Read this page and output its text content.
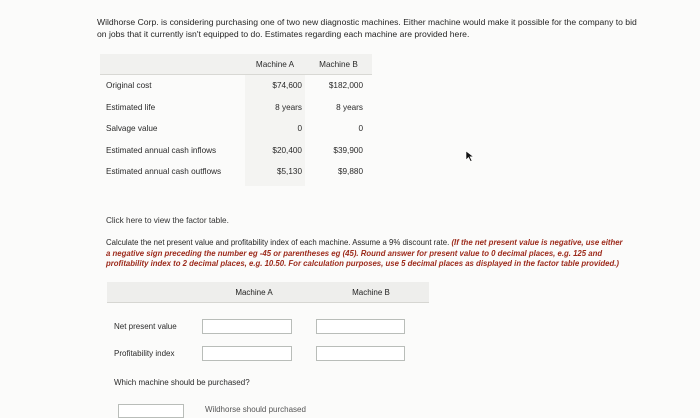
Wildhorse Corp. is considering purchasing one of two new diagnostic machines. Either machine would make it possible for the company to bid on jobs that it currently isn't equipped to do. Estimates regarding each machine are provided here.
Machine A	Machine B
Original cost	$74,600	$182,000
Estimated life	8 years	8 years
Salvage value	0	0
Estimated annual cash inflows	$20,400	$39,900
Estimated annual cash outflows	$5,130	$9,880
Click here to view the factor table.
Calculate the net present value and profitability index of each machine. Assume a 9% discount rate. (If the net present value is negative, use either a negative sign preceding the number eg -45 or parentheses eg (45). Round answer for present value to 0 decimal places, e.g. 125 and profitability index to 2 decimal places, e.g. 10.50. For calculation purposes, use 5 decimal places as displayed in the factor table provided.)
Machine A	Machine B
Net present value
Profitability index
Which machine should be purchased?
Wildhorse should purchased
